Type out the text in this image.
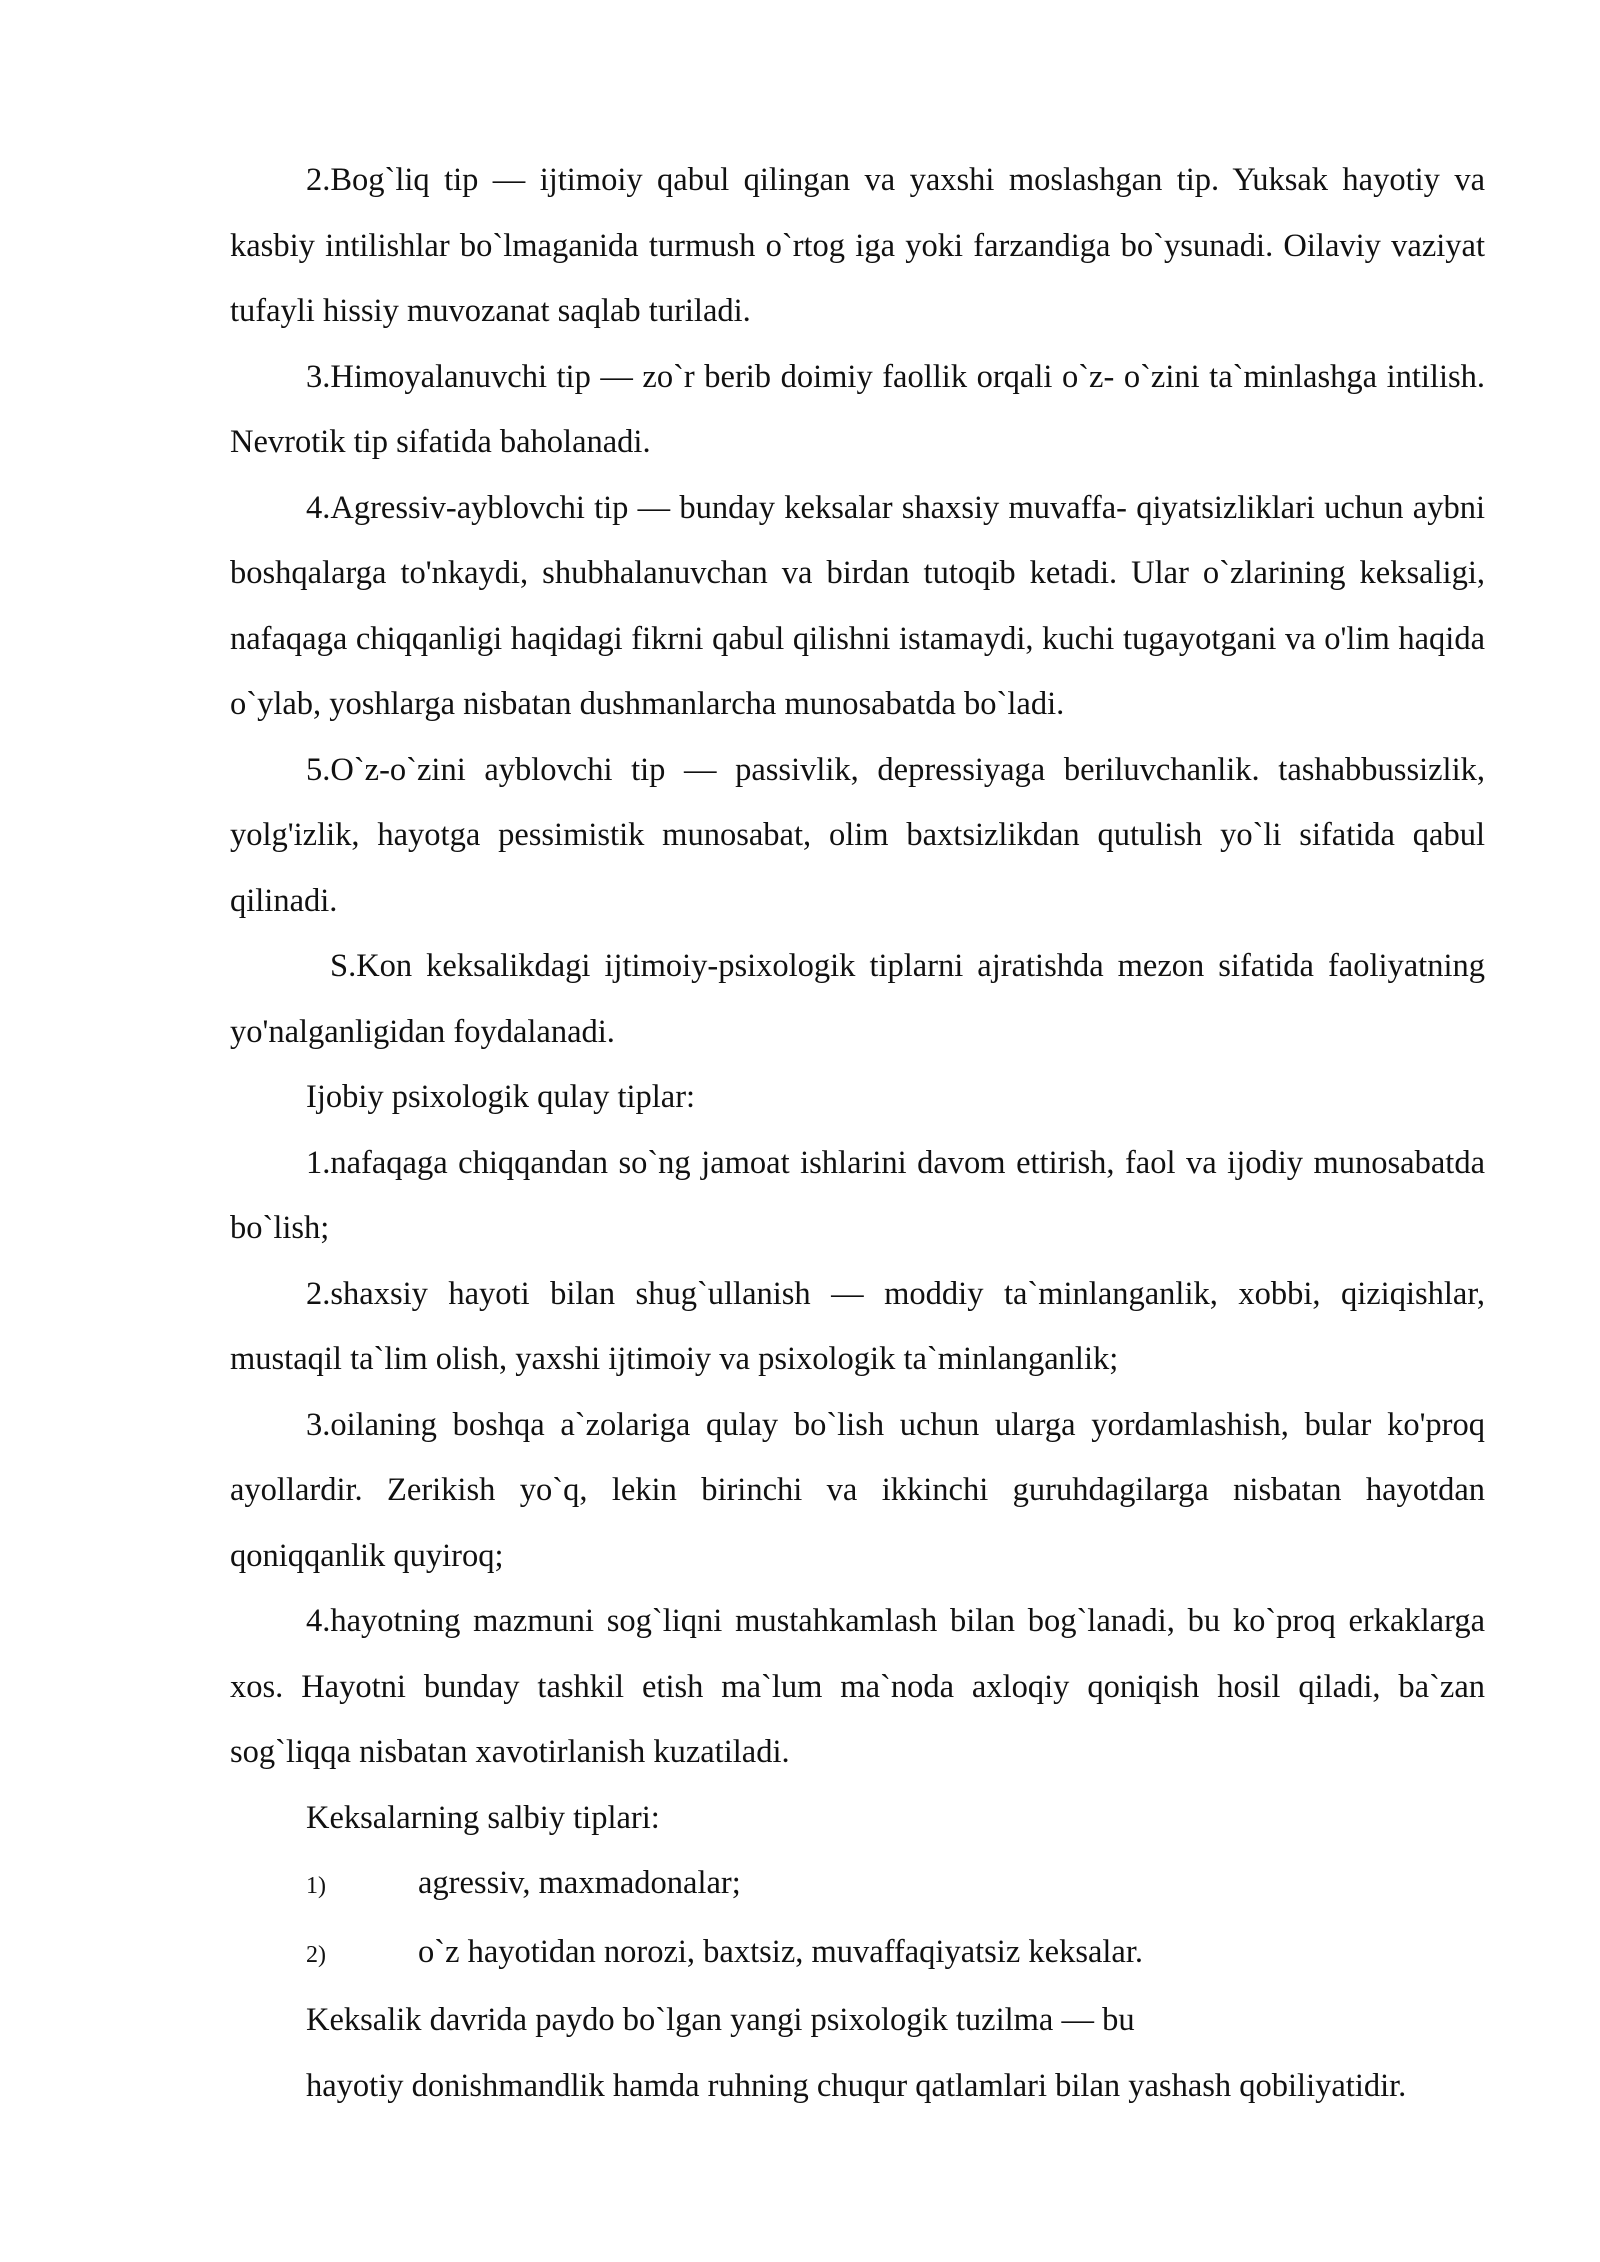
2.Bog`liq tip — ijtimoiy qabul qilingan va yaxshi moslashgan tip. Yuksak hayotiy va kasbiy intilishlar bo`lmaganida turmush o`rtog iga yoki farzandiga bo`ysunadi. Oilaviy vaziyat tufayli hissiy muvozanat saqlab turiladi.

3.Himoyalanuvchi tip — zo`r berib doimiy faollik orqali o`z- o`zini ta`minlashga intilish. Nevrotik tip sifatida baholanadi.

4.Agressiv-ayblovchi tip — bunday keksalar shaxsiy muvaffa- qiyatsizliklari uchun aybni boshqalarga to'nkaydi, shubhalanuvchan va birdan tutoqib ketadi. Ular o`zlarining keksaligi, nafaqaga chiqqanligi haqidagi fikrni qabul qilishni istamaydi, kuchi tugayotgani va o'lim haqida o`ylab, yoshlarga nisbatan dushmanlarcha munosabatda bo`ladi.

5.O`z-o`zini ayblovchi tip — passivlik, depressiyaga beriluvchanlik. tashabbussizlik, yolg'izlik, hayotga pessimistik munosabat, olim baxtsizlikdan qutulish yo`li sifatida qabul qilinadi.

S.Kon keksalikdagi ijtimoiy-psixologik tiplarni ajratishda mezon sifatida faoliyatning yo'nalganligidan foydalanadi.

Ijobiy psixologik qulay tiplar:

1.nafaqaga chiqqandan so`ng jamoat ishlarini davom ettirish, faol va ijodiy munosabatda bo`lish;

2.shaxsiy hayoti bilan shug`ullanish — moddiy ta`minlanganlik, xobbi, qiziqishlar, mustaqil ta`lim olish, yaxshi ijtimoiy va psixologik ta`minlanganlik;

3.oilaning boshqa a`zolariga qulay bo`lish uchun ularga yordamlashish, bular ko'proq ayollardir. Zerikish yo`q, lekin birinchi va ikkinchi guruhdagilarga nisbatan hayotdan qoniqqanlik quyiroq;

4.hayotning mazmuni sog`liqni mustahkamlash bilan bog`lanadi, bu ko`proq erkaklarga xos. Hayotni bunday tashkil etish ma`lum ma`noda axloqiy qoniqish hosil qiladi, ba`zan sog`liqqa nisbatan xavotirlanish kuzatiladi.

Keksalarning salbiy tiplari:

1)	agressiv, maxmadonalar;
2)	o`z hayotidan norozi, baxtsiz, muvaffaqiyatsiz keksalar.

Keksalik davrida paydo bo`lgan yangi psixologik tuzilma — bu

hayotiy donishmandlik hamda ruhning chuqur qatlamlari bilan yashash qobiliyatidir.
